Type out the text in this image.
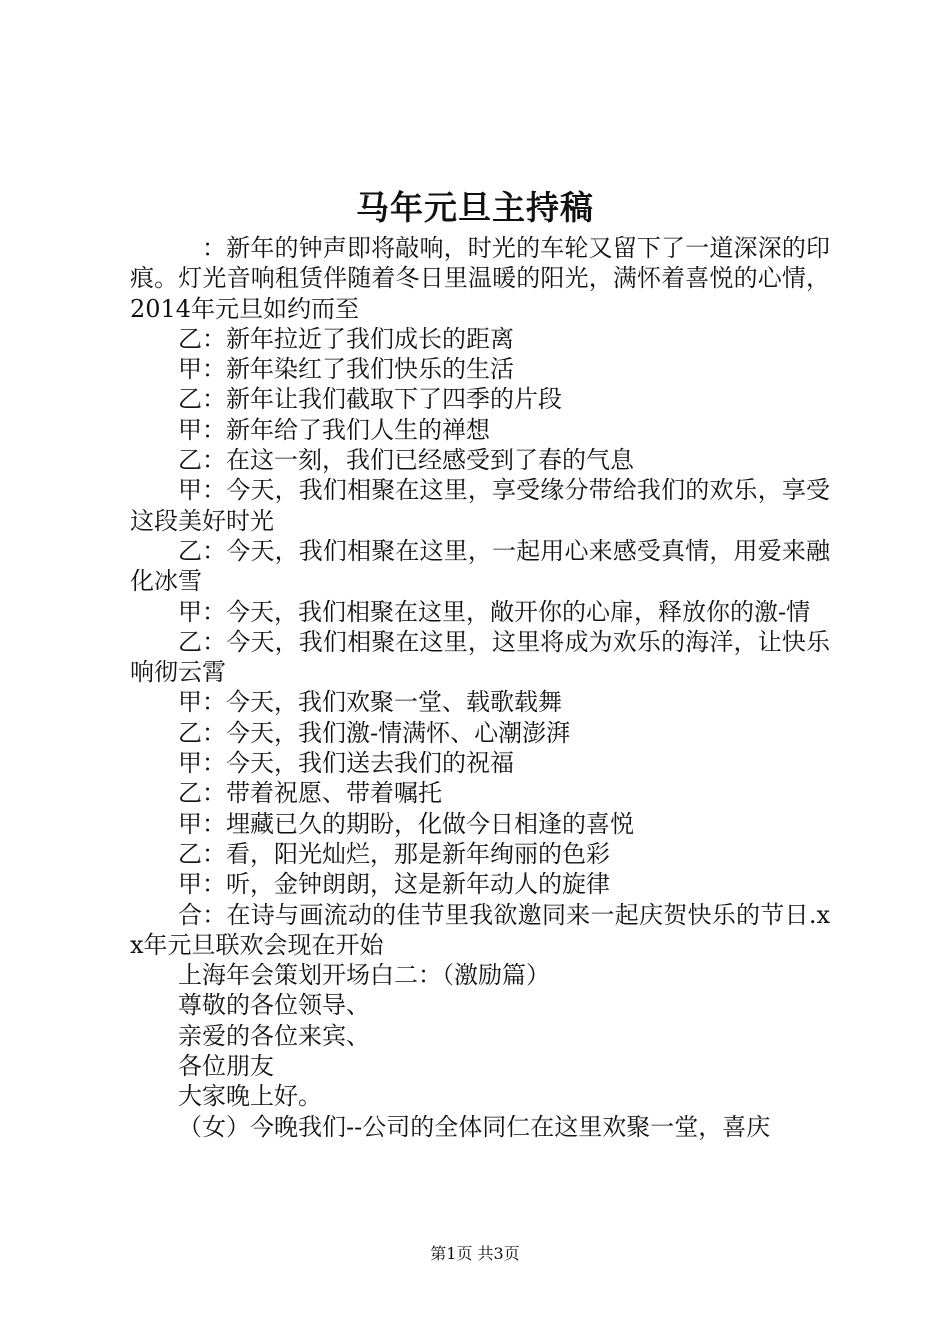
马年元旦主持稿

：新年的钟声即将敲响，时光的车轮又留下了一道深深的印痕。灯光音响租赁伴随着冬日里温暖的阳光，满怀着喜悦的心情，2014年元旦如约而至

乙：新年拉近了我们成长的距离

甲：新年染红了我们快乐的生活

乙：新年让我们截取下了四季的片段

甲：新年给了我们人生的禅想

乙：在这一刻，我们已经感受到了春的气息

甲：今天，我们相聚在这里，享受缘分带给我们的欢乐，享受这段美好时光

乙：今天，我们相聚在这里，一起用心来感受真情，用爱来融化冰雪

甲：今天，我们相聚在这里，敞开你的心扉，释放你的激-情

乙：今天，我们相聚在这里，这里将成为欢乐的海洋，让快乐响彻云霄

甲：今天，我们欢聚一堂、载歌载舞

乙：今天，我们激-情满怀、心潮澎湃

甲：今天，我们送去我们的祝福

乙：带着祝愿、带着嘱托

甲：埋藏已久的期盼，化做今日相逢的喜悦

乙：看，阳光灿烂，那是新年绚丽的色彩

甲：听，金钟朗朗，这是新年动人的旋律

合：在诗与画流动的佳节里我欲邀同来一起庆贺快乐的节日.xx年元旦联欢会现在开始

上海年会策划开场白二：（激励篇）

尊敬的各位领导、

亲爱的各位来宾、

各位朋友

大家晚上好。

（女）今晚我们--公司的全体同仁在这里欢聚一堂，喜庆

第1页 共3页
